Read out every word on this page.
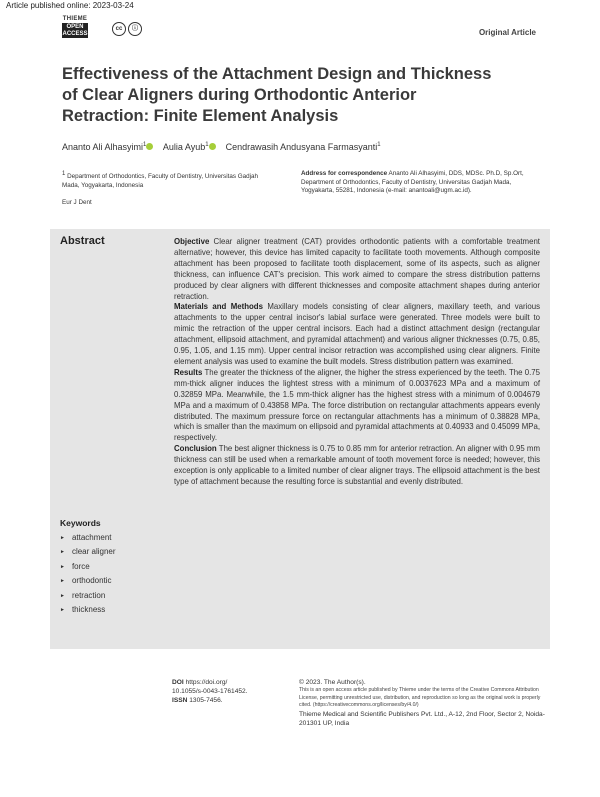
Article published online: 2023-03-24
THIEME
OPEN
ACCESS
cc ⓘ	Original Article
Effectiveness of the Attachment Design and Thickness of Clear Aligners during Orthodontic Anterior Retraction: Finite Element Analysis
Ananto Ali Alhasyimi$^1$ Aulia Ayub$^1$ Cendrawasih Andusyana Farmasyanti$^1$
$^1$ Department of Orthodontics, Faculty of Dentistry, Universitas Gadjah Mada, Yogyakarta, Indonesia
Eur J Dent
Address for correspondence Ananto Ali Alhasyimi, DDS, MDSc. Ph.D, Sp.Ort, Department of Orthodontics, Faculty of Dentistry, Universitas Gadjah Mada, Yogyakarta, 55281, Indonesia (e-mail: anantoali@ugm.ac.id).
Abstract	Objective Clear aligner treatment (CAT) provides orthodontic patients with a comfortable treatment alternative; however, this device has limited capacity to facilitate tooth movements. Although composite attachment has been proposed to facilitate tooth displacement, some of its aspects, such as aligner thickness, can influence CAT's precision. This work aimed to compare the stress distribution patterns produced by clear aligners with different thicknesses and composite attachment shapes during anterior retraction.

Materials and Methods Maxillary models consisting of clear aligners, maxillary teeth, and various attachments to the upper central incisor's labial surface were generated. Three models were built to mimic the retraction of the upper central incisors. Each had a distinct attachment design (rectangular attachment, ellipsoid attachment, and pyramidal attachment) and various aligner thicknesses (0.75, 0.85, 0.95, 1.05, and 1.15 mm). Upper central incisor retraction was accomplished using clear aligners. Finite element analysis was used to examine the built models. Stress distribution pattern was examined.

Results The greater the thickness of the aligner, the higher the stress experienced by the teeth. The 0.75 mm-thick aligner induces the lightest stress with a minimum of 0.0037623 MPa and a maximum of 0.32859 MPa. Meanwhile, the 1.5 mm-thick aligner has the highest stress with a minimum of 0.004679 MPa and a maximum of 0.43858 MPa. The force distribution on rectangular attachments appears evenly distributed. The maximum pressure force on rectangular attachments has a minimum of 0.38828 MPa, which is smaller than the maximum on ellipsoid and pyramidal attachments at 0.40933 and 0.45099 MPa, respectively.

Conclusion The best aligner thickness is 0.75 to 0.85 mm for anterior retraction. An aligner with 0.95 mm thickness can still be used when a remarkable amount of tooth movement force is needed; however, this exception is only applicable to a limited number of clear aligner trays. The ellipsoid attachment is the best type of attachment because the resulting force is substantial and evenly distributed.

Keywords
► attachment
► clear aligner
► force
► orthodontic
► retraction
► thickness
DOI https://doi.org/
10.1055/s-0043-1761452.
ISSN 1305-7456.
© 2023. The Author(s).
This is an open access article published by Thieme under the terms of the Creative Commons Attribution License, permitting unrestricted use, distribution, and reproduction so long as the original work is properly cited. (https://creativecommons.org/licenses/by/4.0/)
Thieme Medical and Scientific Publishers Pvt. Ltd., A-12, 2nd Floor, Sector 2, Noida-201301 UP, India
